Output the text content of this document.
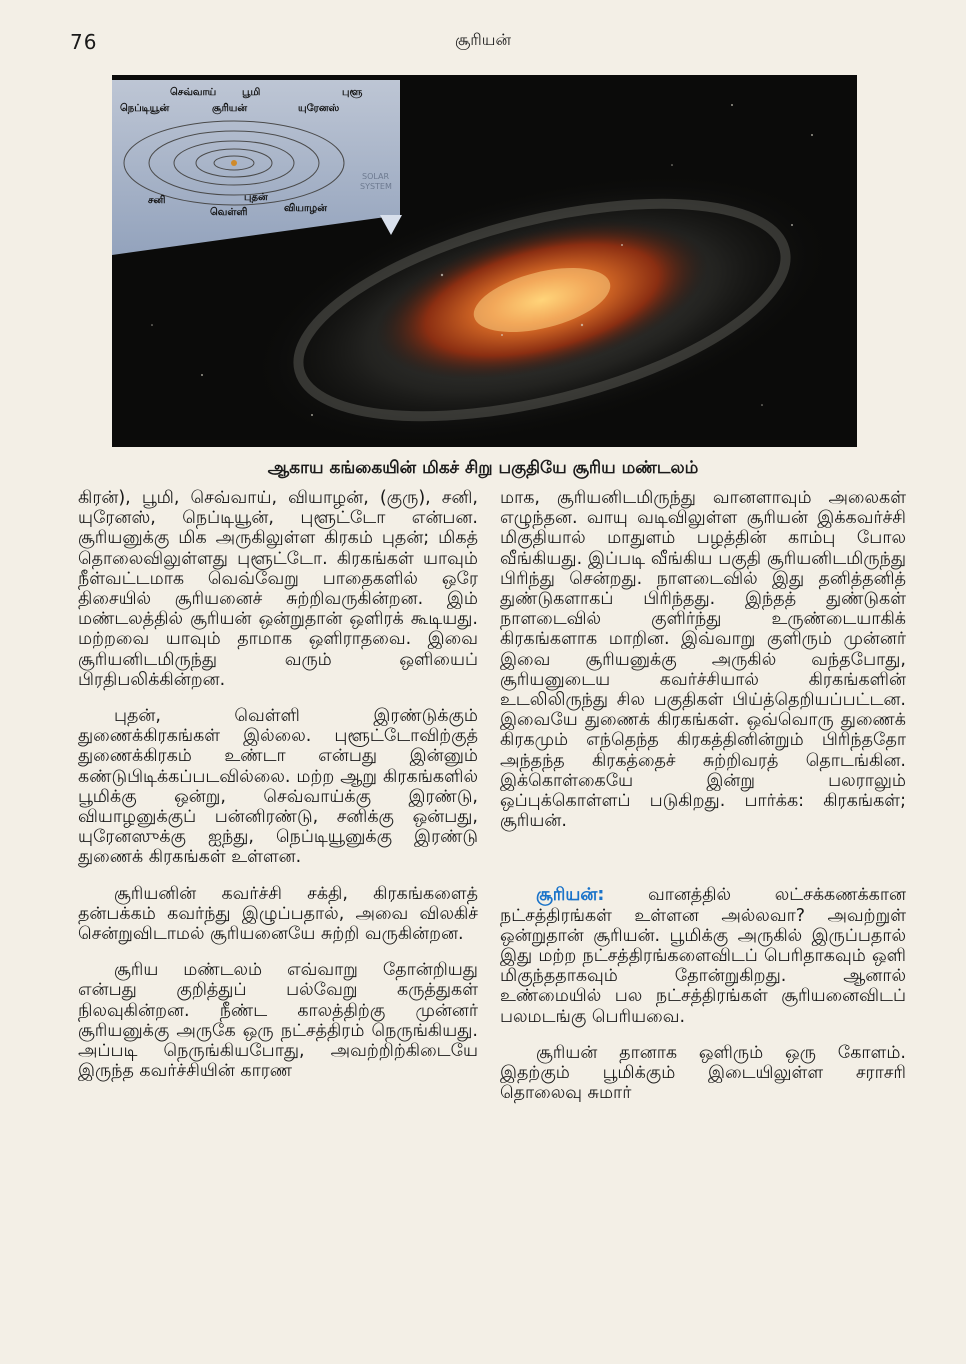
76	சூரியன்
செவ்வாய்	பூமி	புளூ
நெப்டியூன்	சூரியன்	யுரேனஸ்
சனி	புதன்
வெள்ளி	வியாழன்
SOLAR
SYSTEM
ஆகாய கங்கையின் மிகச் சிறு பகுதியே சூரிய மண்டலம்

கிரன்), பூமி, செவ்வாய், வியாழன், (குரு), சனி, யுரேனஸ், நெப்டியூன், புளூட்டோ என்பன. சூரியனுக்கு மிக அருகிலுள்ள கிரகம் புதன்; மிகத் தொலைவிலுள்ளது புளூட்டோ. கிரகங்கள் யாவும் நீள்வட்டமாக வெவ்வேறு பாதைகளில் ஒரே திசையில் சூரியனைச் சுற்றிவருகின்றன. இம் மண்டலத்தில் சூரியன் ஒன்றுதான் ஒளிரக் கூடியது. மற்றவை யாவும் தாமாக ஒளிராதவை. இவை சூரியனிடமிருந்து வரும் ஒளியைப் பிரதிபலிக்கின்றன.

புதன், வெள்ளி இரண்டுக்கும் துணைக்கிரகங்கள் இல்லை. புளூட்டோவிற்குத் துணைக்கிரகம் உண்டா என்பது இன்னும் கண்டுபிடிக்கப்படவில்லை. மற்ற ஆறு கிரகங்களில் பூமிக்கு ஒன்று, செவ்வாய்க்கு இரண்டு, வியாழனுக்குப் பன்னிரண்டு, சனிக்கு ஒன்பது, யுரேனஸுக்கு ஐந்து, நெப்டியூனுக்கு இரண்டு துணைக் கிரகங்கள் உள்ளன.

சூரியனின் கவர்ச்சி சக்தி, கிரகங்களைத் தன்பக்கம் கவர்ந்து இழுப்பதால், அவை விலகிச் சென்றுவிடாமல் சூரியனையே சுற்றி வருகின்றன.

சூரிய மண்டலம் எவ்வாறு தோன்றியது என்பது குறித்துப் பல்வேறு கருத்துகள் நிலவுகின்றன. நீண்ட காலத்திற்கு முன்னர் சூரியனுக்கு அருகே ஒரு நட்சத்திரம் நெருங்கியது. அப்படி நெருங்கியபோது, அவற்றிற்கிடையே இருந்த கவர்ச்சியின் காரண

மாக, சூரியனிடமிருந்து வானளாவும் அலைகள் எழுந்தன. வாயு வடிவிலுள்ள சூரியன் இக்கவர்ச்சி மிகுதியால் மாதுளம் பழத்தின் காம்பு போல வீங்கியது. இப்படி வீங்கிய பகுதி சூரியனிடமிருந்து பிரிந்து சென்றது. நாளடைவில் இது தனித்தனித் துண்டுகளாகப் பிரிந்தது. இந்தத் துண்டுகள் நாளடைவில் குளிர்ந்து உருண்டையாகிக் கிரகங்களாக மாறின. இவ்வாறு குளிரும் முன்னர் இவை சூரியனுக்கு அருகில் வந்தபோது, சூரியனுடைய கவர்ச்சியால் கிரகங்களின் உடலிலிருந்து சில பகுதிகள் பிய்த்தெறியப்பட்டன. இவையே துணைக் கிரகங்கள். ஒவ்வொரு துணைக் கிரகமும் எந்தெந்த கிரகத்தினின்றும் பிரிந்ததோ அந்தந்த கிரகத்தைச் சுற்றிவரத் தொடங்கின. இக்கொள்கையே இன்று பலராலும் ஒப்புக்கொள்ளப் படுகிறது. பார்க்க: கிரகங்கள்; சூரியன்.

சூரியன்: வானத்தில் லட்சக்கணக்கான நட்சத்திரங்கள் உள்ளன அல்லவா? அவற்றுள் ஒன்றுதான் சூரியன். பூமிக்கு அருகில் இருப்பதால் இது மற்ற நட்சத்திரங்களைவிடப் பெரிதாகவும் ஒளி மிகுந்ததாகவும் தோன்றுகிறது. ஆனால் உண்மையில் பல நட்சத்திரங்கள் சூரியனைவிடப் பலமடங்கு பெரியவை.

சூரியன் தானாக ஒளிரும் ஒரு கோளம். இதற்கும் பூமிக்கும் இடையிலுள்ள சராசரி தொலைவு சுமார்
